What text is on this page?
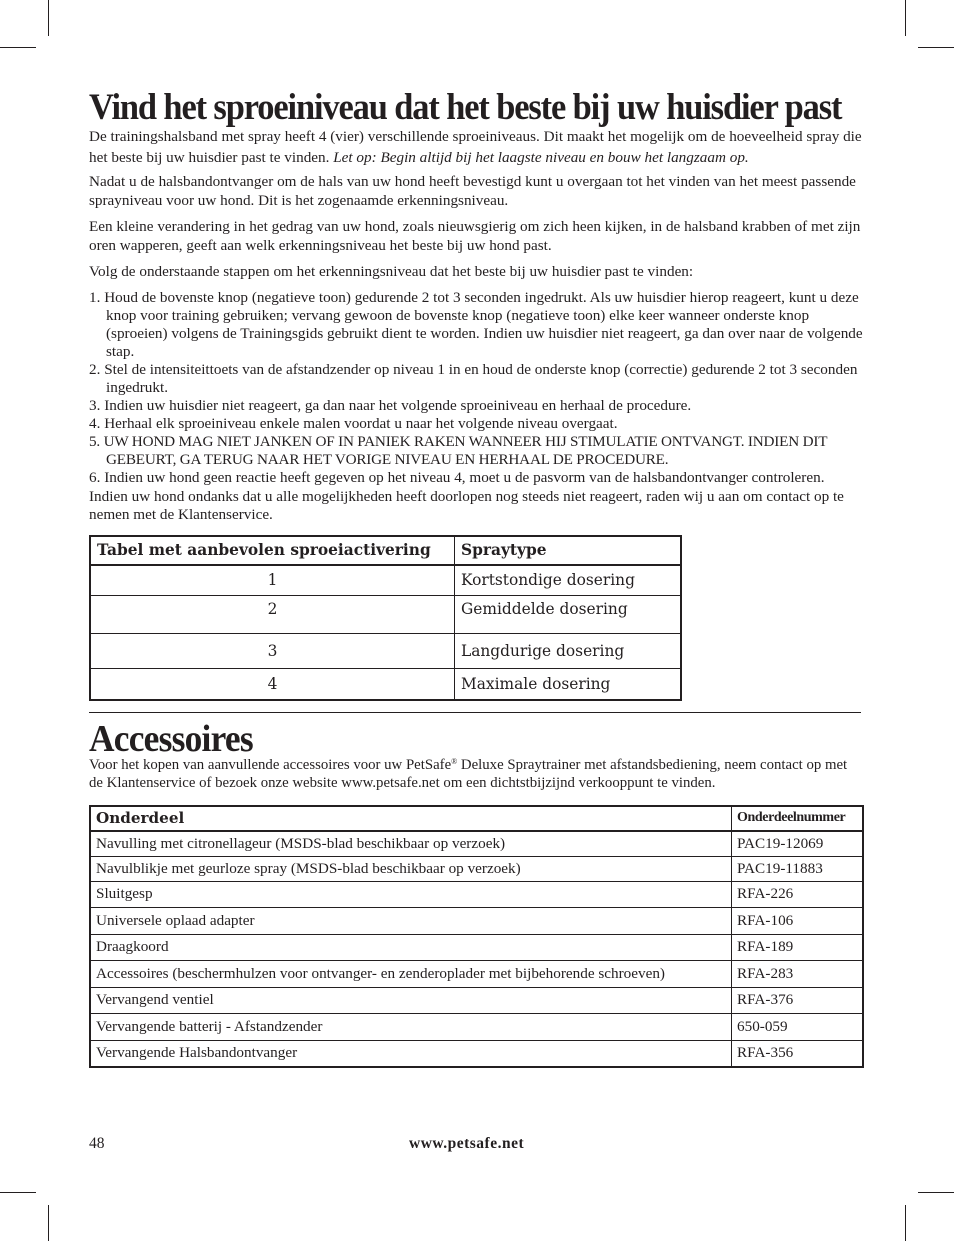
Vind het sproeiniveau dat het beste bij uw huisdier past

De trainingshalsband met spray heeft 4 (vier) verschillende sproeiniveaus. Dit maakt het mogelijk om de hoeveelheid spray die het beste bij uw huisdier past te vinden. Let op: Begin altijd bij het laagste niveau en bouw het langzaam op.

Nadat u de halsbandontvanger om de hals van uw hond heeft bevestigd kunt u overgaan tot het vinden van het meest passende sprayniveau voor uw hond. Dit is het zogenaamde erkenningsniveau.

Een kleine verandering in het gedrag van uw hond, zoals nieuwsgierig om zich heen kijken, in de halsband krabben of met zijn oren wapperen, geeft aan welk erkenningsniveau het beste bij uw hond past.

Volg de onderstaande stappen om het erkenningsniveau dat het beste bij uw huisdier past te vinden:

1. Houd de bovenste knop (negatieve toon) gedurende 2 tot 3 seconden ingedrukt. Als uw huisdier hierop reageert, kunt u deze knop voor training gebruiken; vervang gewoon de bovenste knop (negatieve toon) elke keer wanneer onderste knop (sproeien) volgens de Trainingsgids gebruikt dient te worden. Indien uw huisdier niet reageert, ga dan over naar de volgende stap.
2. Stel de intensiteittoets van de afstandzender op niveau 1 in en houd de onderste knop (correctie) gedurende 2 tot 3 seconden ingedrukt.
3. Indien uw huisdier niet reageert, ga dan naar het volgende sproeiniveau en herhaal de procedure.
4. Herhaal elk sproeiniveau enkele malen voordat u naar het volgende niveau overgaat.
5. UW HOND MAG NIET JANKEN OF IN PANIEK RAKEN WANNEER HIJ STIMULATIE ONTVANGT. INDIEN DIT GEBEURT, GA TERUG NAAR HET VORIGE NIVEAU EN HERHAAL DE PROCEDURE.
6. Indien uw hond geen reactie heeft gegeven op het niveau 4, moet u de pasvorm van de halsbandontvanger controleren.

Indien uw hond ondanks dat u alle mogelijkheden heeft doorlopen nog steeds niet reageert, raden wij u aan om contact op te nemen met de Klantenservice.

Tabel met aanbevolen sproeiactivering	Spraytype
1	Kortstondige dosering
2	Gemiddelde dosering
3	Langdurige dosering
4	Maximale dosering
Accessoires

Voor het kopen van aanvullende accessoires voor uw PetSafe® Deluxe Spraytrainer met afstandsbediening, neem contact op met de Klantenservice of bezoek onze website www.petsafe.net om een dichtstbijzijnd verkooppunt te vinden.

Onderdeel	Onderdeelnummer
Navulling met citronellageur (MSDS-blad beschikbaar op verzoek)	PAC19-12069
Navulblikje met geurloze spray (MSDS-blad beschikbaar op verzoek)	PAC19-11883
Sluitgesp	RFA-226
Universele oplaad adapter	RFA-106
Draagkoord	RFA-189
Accessoires (beschermhulzen voor ontvanger- en zenderoplader met bijbehorende schroeven)	RFA-283
Vervangend ventiel	RFA-376
Vervangende batterij - Afstandzender	650-059
Vervangende Halsbandontvanger	RFA-356
48	www.petsafe.net
